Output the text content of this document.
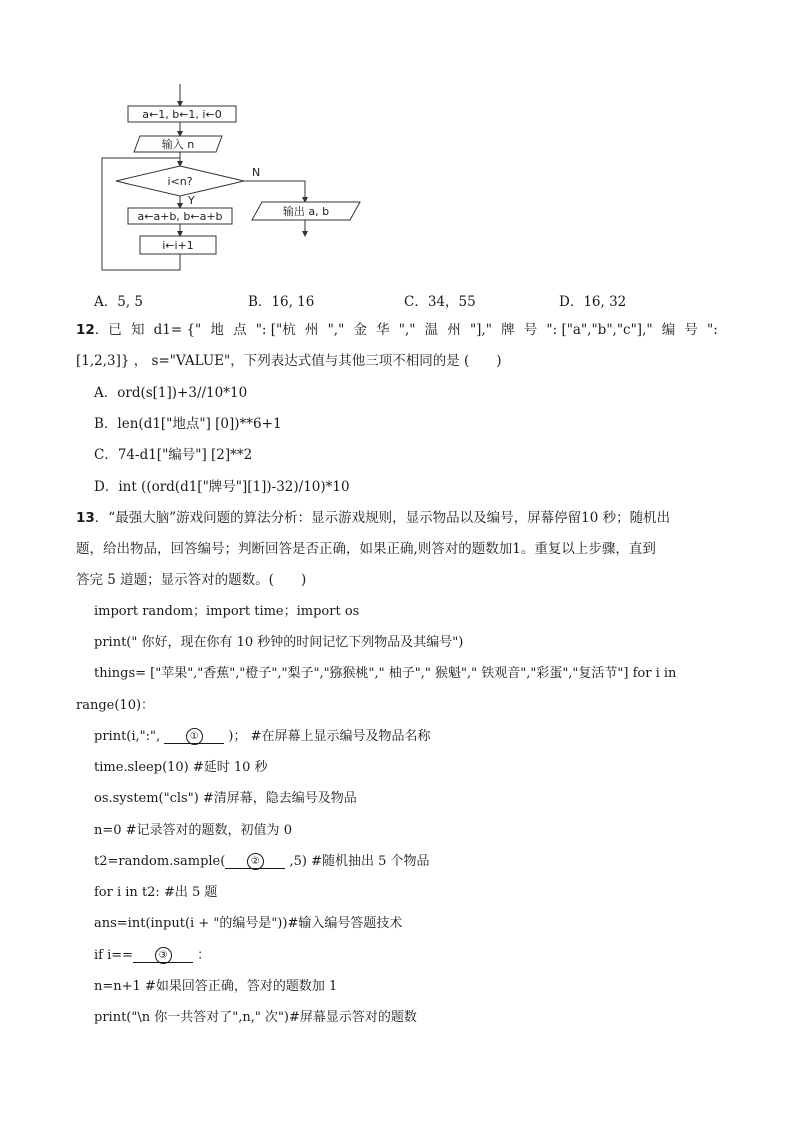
a←1, b←1, i←0
输入 n
i<n?
N
Y
a←a+b, b←a+b
i←i+1
输出 a, b
A．5, 5	B．16, 16	C．34，55	D．16, 32
12．已 知 d1= {" 地 点 ": ["杭 州 "," 金 华 "," 温 州 "]," 牌 号 ": ["a","b","c"]," 编 号 ":
[1,2,3]} ， s="VALUE"，下列表达式值与其他三项不相同的是 (　　)
A．ord(s[1])+3//10*10
B．len(d1["地点"] [0])**6+1
C．74-d1["编号"] [2]**2
D．int ((ord(d1["牌号"][1])-32)/10)*10
13．“最强大脑”游戏问题的算法分析：显示游戏规则，显示物品以及编号，屏幕停留10 秒；随机出
题，给出物品，回答编号；判断回答是否正确，如果正确,则答对的题数加1。重复以上步骤，直到
答完 5 道题；显示答对的题数。(　　)
import random；import time；import os
print(" 你好，现在你有 10 秒钟的时间记忆下列物品及其编号")
things= ["苹果","香蕉","橙子","梨子","猕猴桃"," 柚子"," 猴魁"," 铁观音","彩蛋","复活节"] for i in
range(10)：
print(i,":",	① )； #在屏幕上显示编号及物品名称
time.sleep(10) #延时 10 秒
os.system("cls") #清屏幕，隐去编号及物品
n=0 #记录答对的题数，初值为 0
t2=random.sample(	② ,5) #随机抽出 5 个物品
for i in t2: #出 5 题
ans=int(input(i + "的编号是"))#输入编号答题技术
if i==	③ ：
n=n+1 #如果回答正确，答对的题数加 1
print("\n 你一共答对了",n," 次")#屏幕显示答对的题数
